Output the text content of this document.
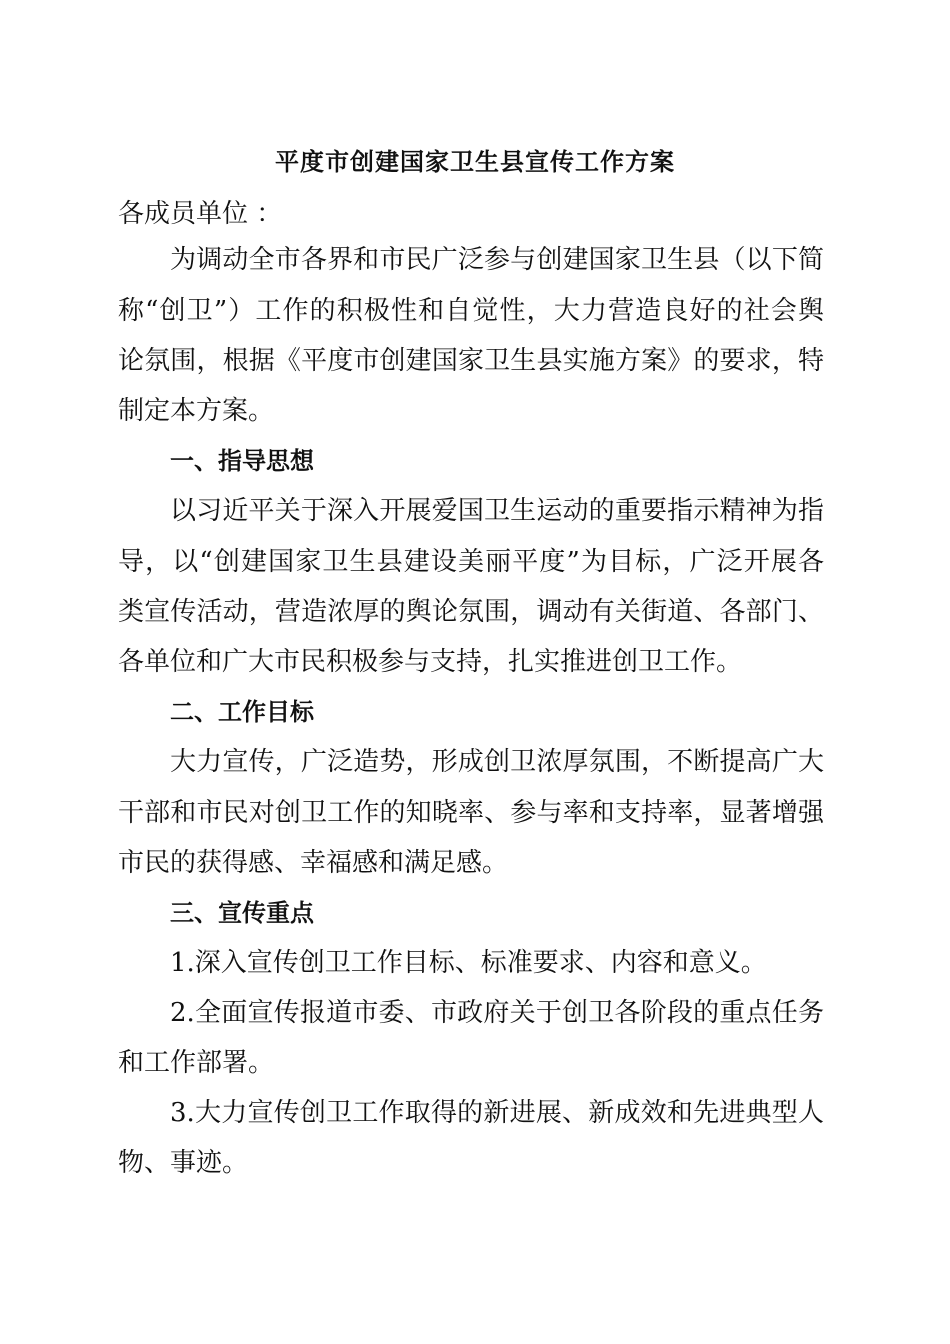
平度市创建国家卫生县宣传工作方案
各成员单位 ：
为调动全市各界和市民广泛参与创建国家卫生县（以下简
称“创卫”）工作的积极性和自觉性，大力营造良好的社会舆
论氛围，根据《平度市创建国家卫生县实施方案》的要求，特
制定本方案。
一、指导思想
以习近平关于深入开展爱国卫生运动的重要指示精神为指
导，以“创建国家卫生县建设美丽平度”为目标，广泛开展各
类宣传活动，营造浓厚的舆论氛围，调动有关街道、各部门、
各单位和广大市民积极参与支持，扎实推进创卫工作。
二、工作目标
大力宣传，广泛造势，形成创卫浓厚氛围，不断提高广大
干部和市民对创卫工作的知晓率、参与率和支持率，显著增强
市民的获得感、幸福感和满足感。
三、宣传重点
1.深入宣传创卫工作目标、标准要求、内容和意义。
2.全面宣传报道市委、市政府关于创卫各阶段的重点任务
和工作部署。
3.大力宣传创卫工作取得的新进展、新成效和先进典型人
物、事迹。
